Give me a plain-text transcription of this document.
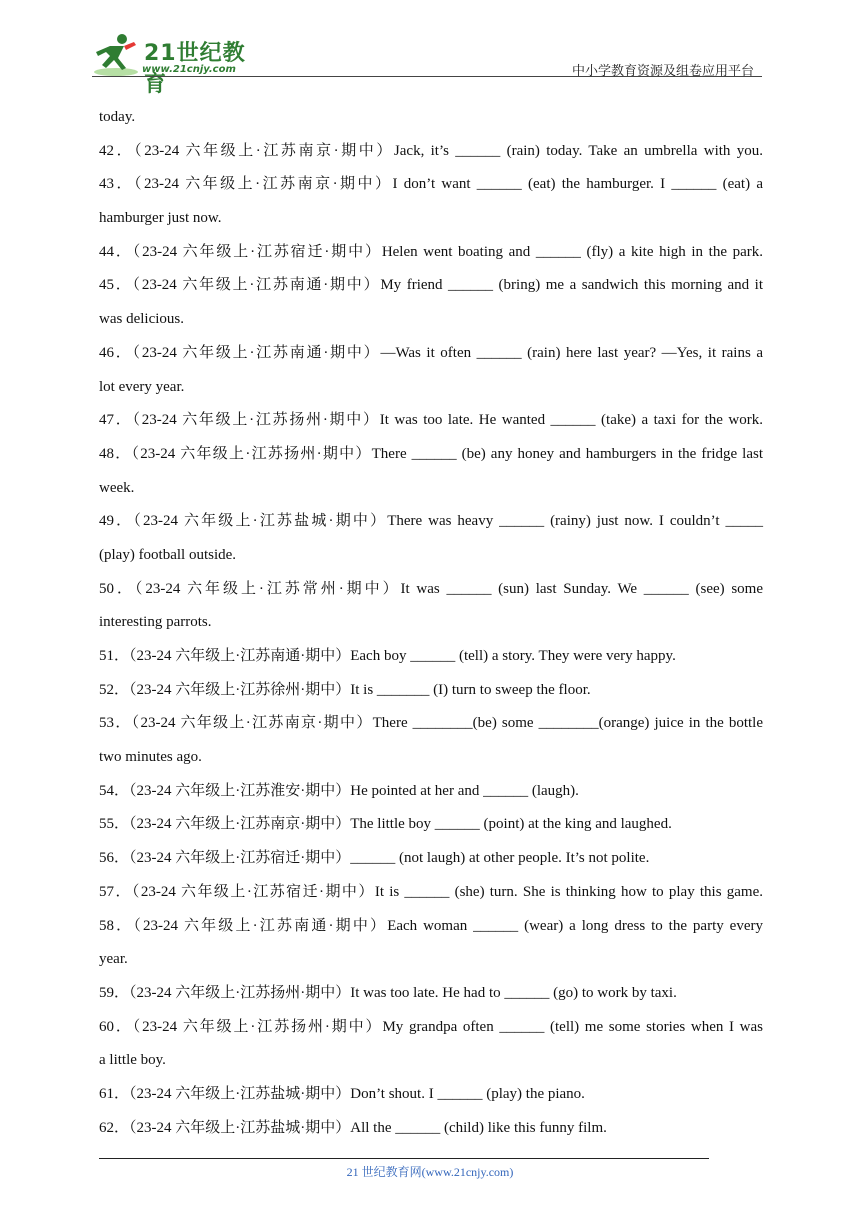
21世纪教育
www.21cnjy.com	中小学教育资源及组卷应用平台
today.
42．（23-24 六年级上·江苏南京·期中）Jack, it’s ______ (rain) today. Take an umbrella with you.
43．（23-24 六年级上·江苏南京·期中）I don’t want ______ (eat) the hamburger. I ______ (eat) a
hamburger just now.
44．（23-24 六年级上·江苏宿迁·期中）Helen went boating and ______ (fly) a kite high in the park.
45．（23-24 六年级上·江苏南通·期中）My friend ______ (bring) me a sandwich this morning and it
was delicious.
46．（23-24 六年级上·江苏南通·期中）—Was it often ______ (rain) here last year? —Yes, it rains a
lot every year.
47．（23-24 六年级上·江苏扬州·期中）It was too late. He wanted ______ (take) a taxi for the work.
48．（23-24 六年级上·江苏扬州·期中）There ______ (be) any honey and hamburgers in the fridge last
week.
49．（23-24 六年级上·江苏盐城·期中）There was heavy ______ (rainy) just now. I couldn’t _____
(play) football outside.
50．（23-24 六年级上·江苏常州·期中）It was ______ (sun) last Sunday. We ______ (see) some
interesting parrots.
51．（23-24 六年级上·江苏南通·期中）Each boy ______ (tell) a story. They were very happy.
52．（23-24 六年级上·江苏徐州·期中）It is _______ (I) turn to sweep the floor.
53．（23-24 六年级上·江苏南京·期中）There ________(be) some ________(orange) juice in the bottle
two minutes ago.
54．（23-24 六年级上·江苏淮安·期中）He pointed at her and ______ (laugh).
55．（23-24 六年级上·江苏南京·期中）The little boy ______ (point) at the king and laughed.
56．（23-24 六年级上·江苏宿迁·期中）______ (not laugh) at other people. It’s not polite.
57．（23-24 六年级上·江苏宿迁·期中）It is ______ (she) turn. She is thinking how to play this game.
58．（23-24 六年级上·江苏南通·期中）Each woman ______ (wear) a long dress to the party every
year.
59．（23-24 六年级上·江苏扬州·期中）It was too late. He had to ______ (go) to work by taxi.
60．（23-24 六年级上·江苏扬州·期中）My grandpa often ______ (tell) me some stories when I was
a little boy.
61．（23-24 六年级上·江苏盐城·期中）Don’t shout. I ______ (play) the piano.
62．（23-24 六年级上·江苏盐城·期中）All the ______ (child) like this funny film.
21 世纪教育网(www.21cnjy.com)
